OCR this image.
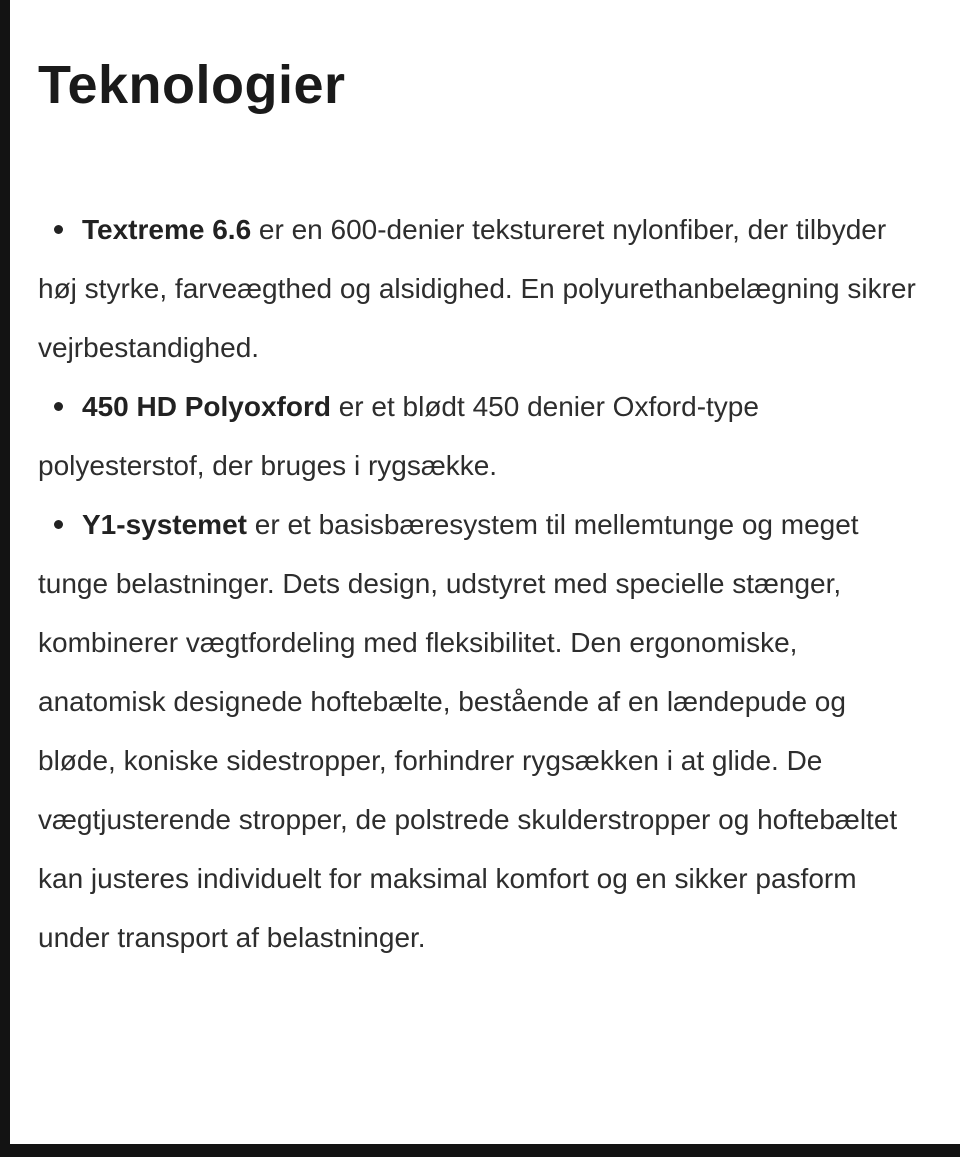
Teknologier
Textreme 6.6 er en 600-denier tekstureret nylonfiber, der tilbyder høj styrke, farveægthed og alsidighed. En polyurethanbelægning sikrer vejrbestandighed.
450 HD Polyoxford er et blødt 450 denier Oxford-type polyesterstof, der bruges i rygsække.
Y1-systemet er et basisbæresystem til mellemtunge og meget tunge belastninger. Dets design, udstyret med specielle stænger, kombinerer vægtfordeling med fleksibilitet. Den ergonomiske, anatomisk designede hoftebælte, bestående af en lændepude og bløde, koniske sidestropper, forhindrer rygsækken i at glide. De vægtjusterende stropper, de polstrede skulderstropper og hoftebæltet kan justeres individuelt for maksimal komfort og en sikker pasform under transport af belastninger.
